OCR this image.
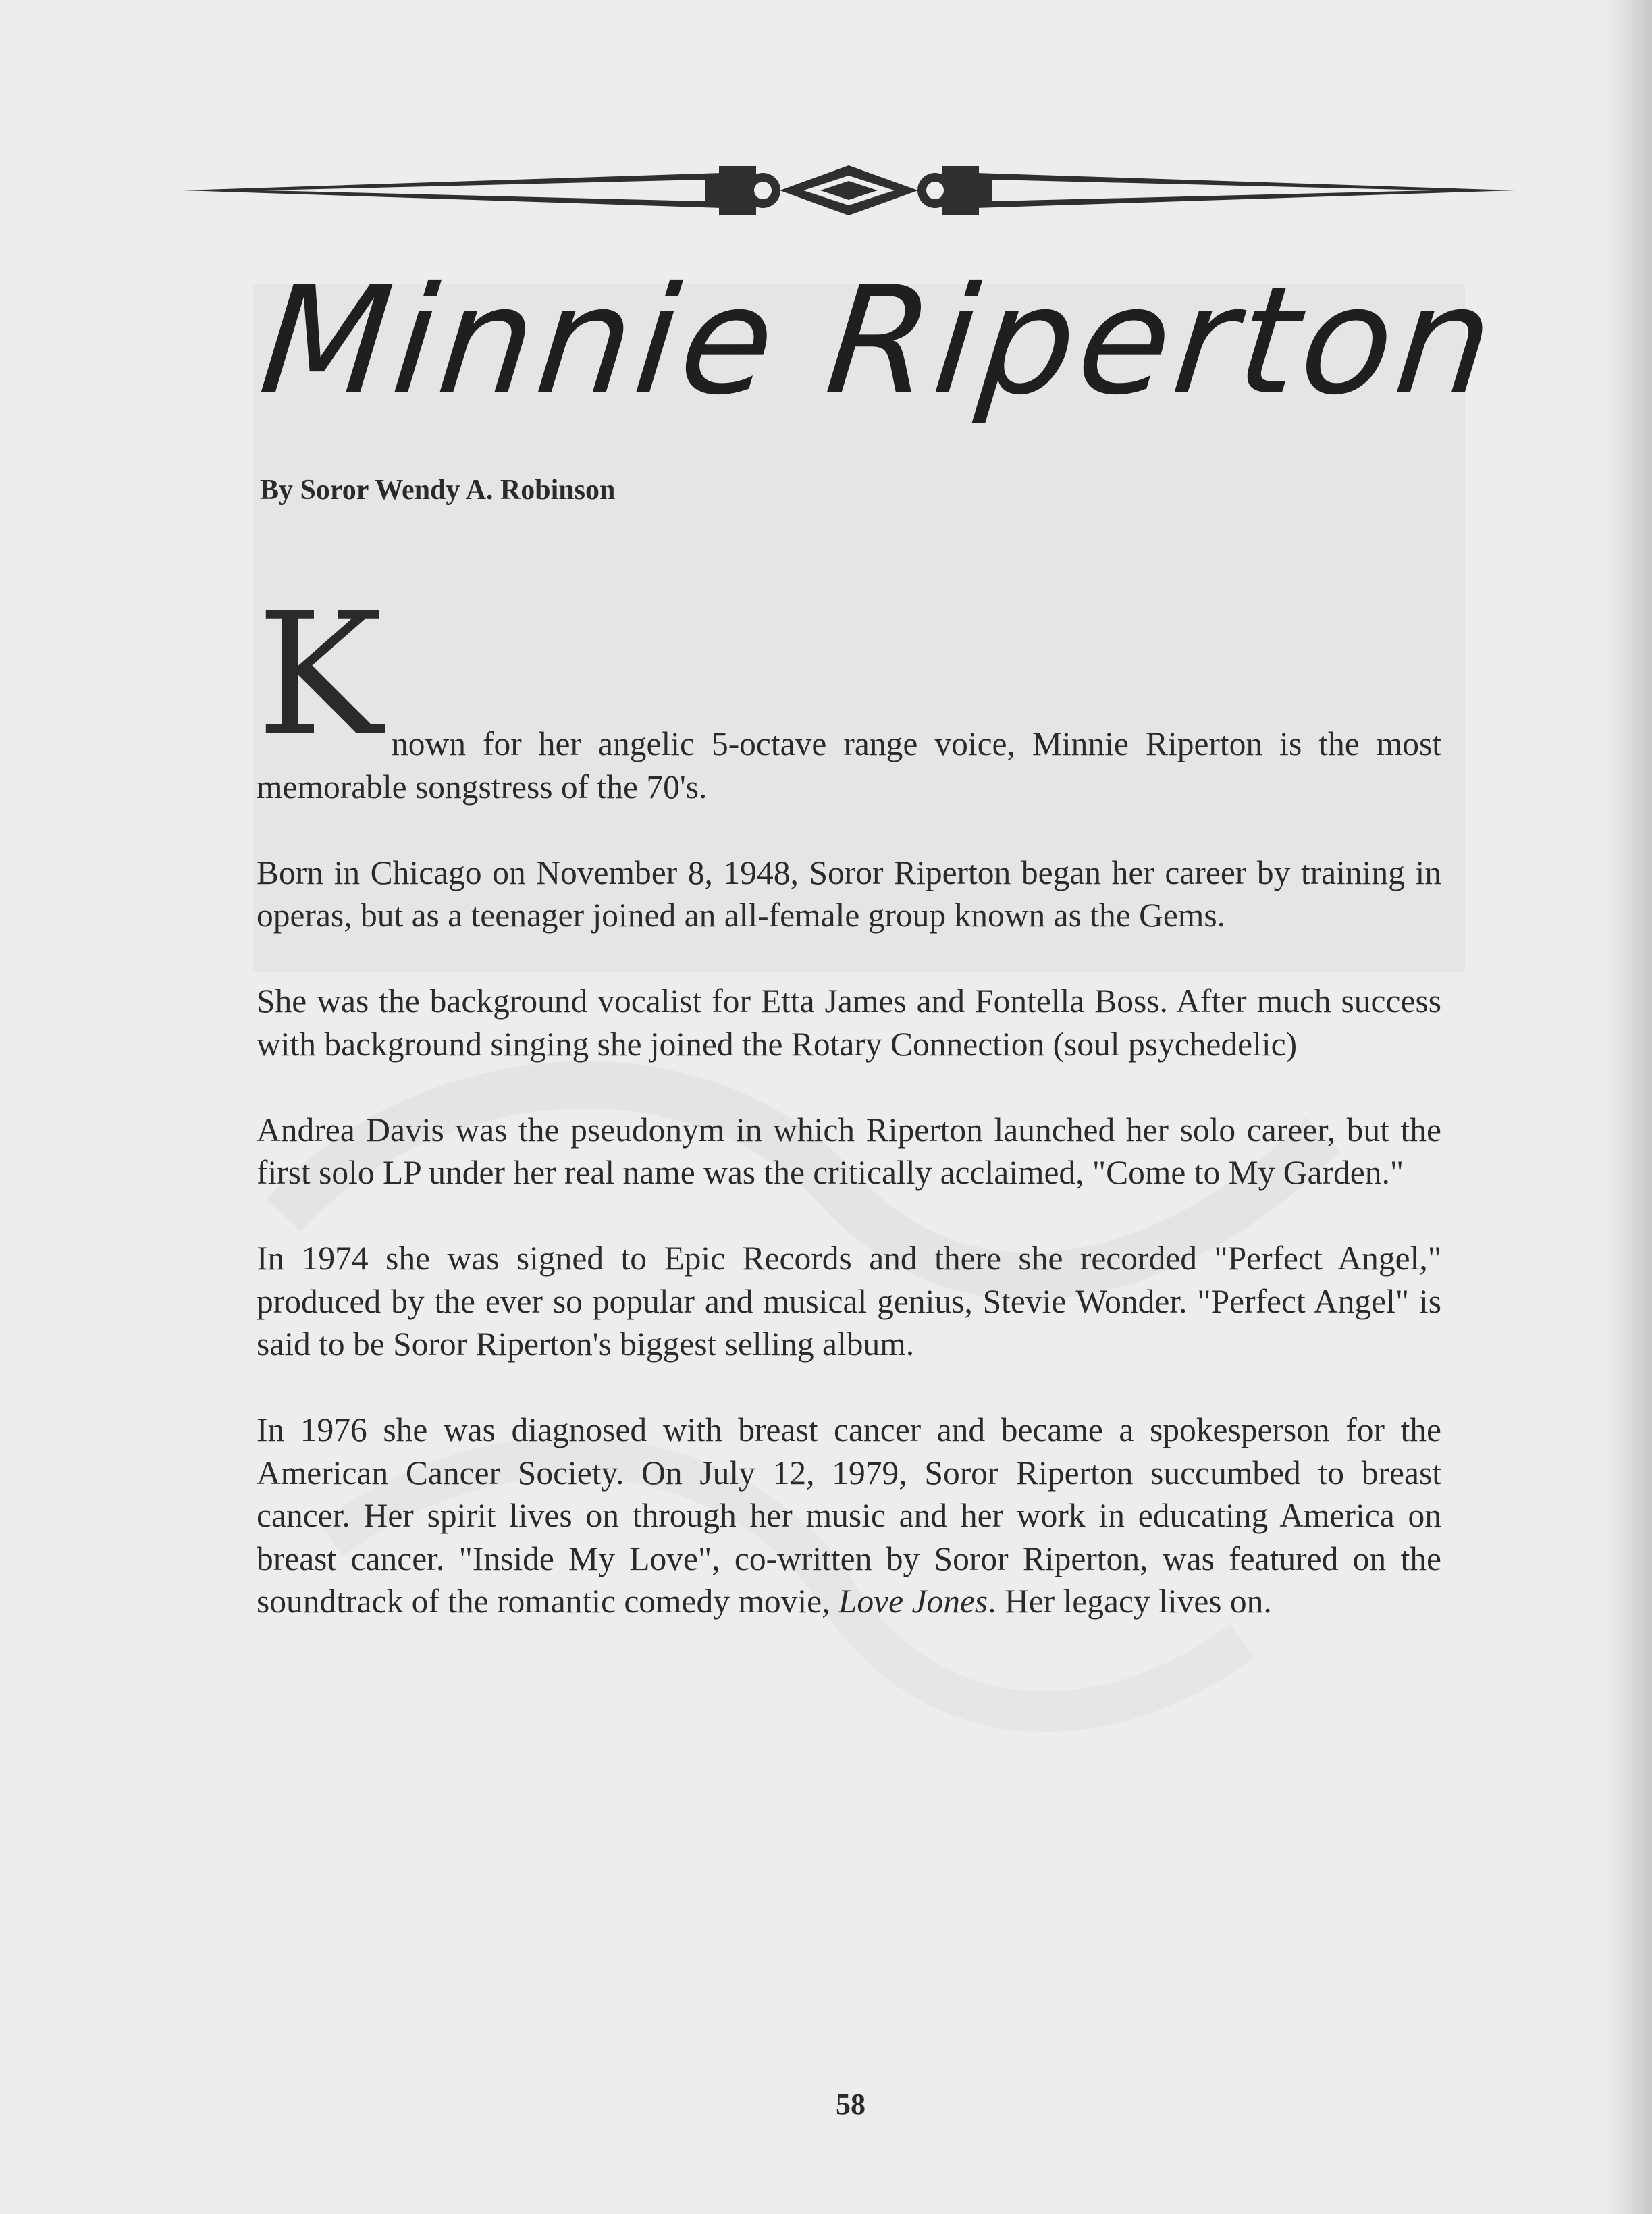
Minnie Riperton
By Soror Wendy A. Robinson
K nown for her angelic 5-octave range voice, Minnie Riperton is the most memorable songstress of the 70's.

Born in Chicago on November 8, 1948, Soror Riperton began her career by training in operas, but as a teenager joined an all-female group known as the Gems.

She was the background vocalist for Etta James and Fontella Boss. After much success with background singing she joined the Rotary Connection (soul psychedelic)

Andrea Davis was the pseudonym in which Riperton launched her solo career, but the first solo LP under her real name was the critically acclaimed, "Come to My Garden."

In 1974 she was signed to Epic Records and there she recorded "Perfect Angel," produced by the ever so popular and musical genius, Stevie Wonder. "Perfect Angel" is said to be Soror Riperton's biggest selling album.

In 1976 she was diagnosed with breast cancer and became a spokesperson for the American Cancer Society. On July 12, 1979, Soror Riperton succumbed to breast cancer. Her spirit lives on through her music and her work in educating America on breast cancer. "Inside My Love", co-written by Soror Riperton, was featured on the soundtrack of the romantic comedy movie, Love Jones. Her legacy lives on.

58
